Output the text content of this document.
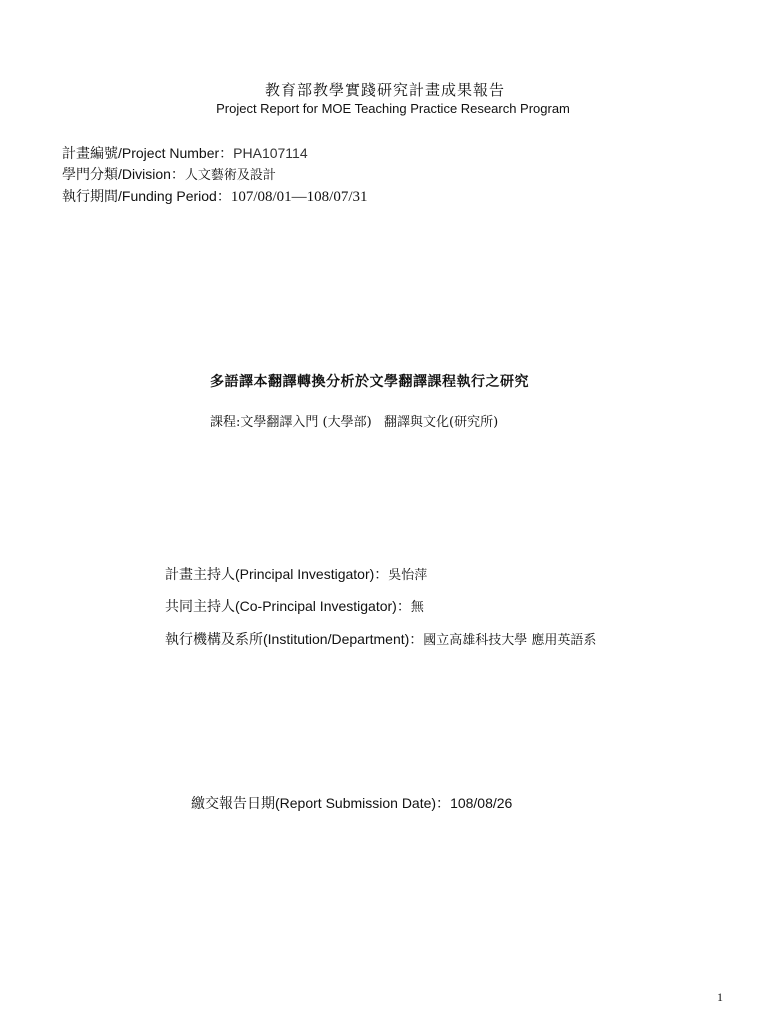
教育部教學實踐研究計畫成果報告
Project Report for MOE Teaching Practice Research Program
計畫編號/Project Number：PHA107114
學門分類/Division：人文藝術及設計
執行期間/Funding Period：107/08/01—108/07/31
多語譯本翻譯轉換分析於文學翻譯課程執行之研究
課程:文學翻譯入門 (大學部)   翻譯與文化(研究所)
計畫主持人(Principal Investigator)：吳怡萍
共同主持人(Co-Principal Investigator)：無
執行機構及系所(Institution/Department)：國立高雄科技大學 應用英語系
繳交報告日期(Report Submission Date)：108/08/26
1
